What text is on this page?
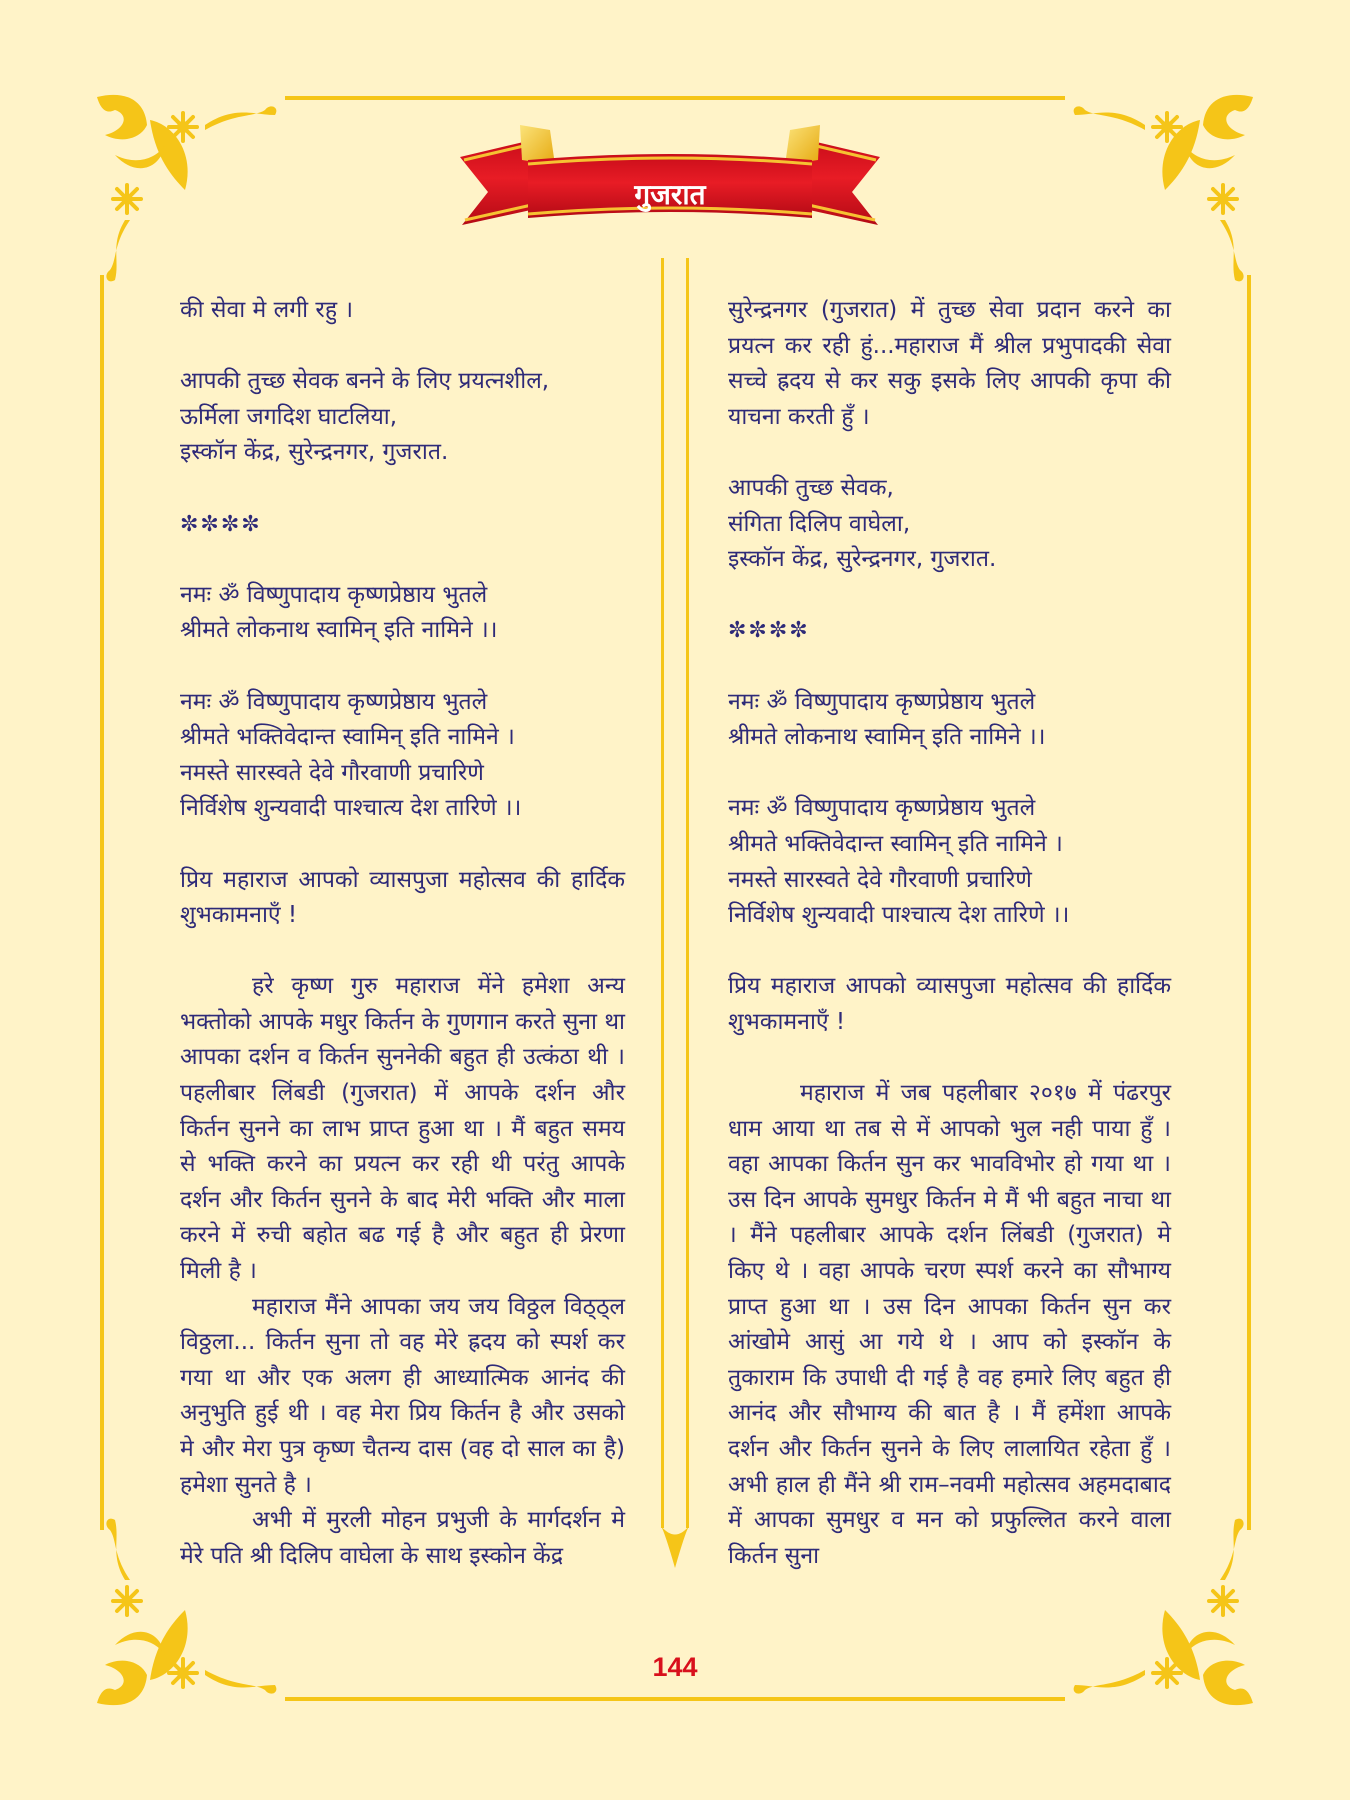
गुजरात

की सेवा मे लगी रहु ।

आपकी तुच्छ सेवक बनने के लिए प्रयत्नशील,
ऊर्मिला जगदिश घाटलिया,
इस्कॉन केंद्र, सुरेन्द्रनगर, गुजरात.
✼✼✼✼
नमः ॐ विष्णुपादाय कृष्णप्रेष्ठाय भुतले
श्रीमते लोकनाथ स्वामिन् इति नामिने ।।
नमः ॐ विष्णुपादाय कृष्णप्रेष्ठाय भुतले
श्रीमते भक्तिवेदान्त स्वामिन् इति नामिने ।
नमस्ते सारस्वते देवे गौरवाणी प्रचारिणे
निर्विशेष शुन्यवादी पाश्चात्य देश तारिणे ।।

प्रिय महाराज आपको व्यासपुजा महोत्सव की हार्दिक शुभकामनाएँ !

हरे कृष्ण गुरु महाराज मेंने हमेशा अन्य भक्तोको आपके मधुर किर्तन के गुणगान करते सुना था आपका दर्शन व किर्तन सुननेकी बहुत ही उत्कंठा थी । पहलीबार लिंबडी (गुजरात) में आपके दर्शन और किर्तन सुनने का लाभ प्राप्त हुआ था । मैं बहुत समय से भक्ति करने का प्रयत्न कर रही थी परंतु आपके दर्शन और किर्तन सुनने के बाद मेरी भक्ति और माला करने में रुची बहोत बढ गई है और बहुत ही प्रेरणा मिली है ।

महाराज मैंने आपका जय जय विठ्ठल विठ्ठ्ल विठ्ठला... किर्तन सुना तो वह मेरे ह्रदय को स्पर्श कर गया था और एक अलग ही आध्यात्मिक आनंद की अनुभुति हुई थी । वह मेरा प्रिय किर्तन है और उसको मे और मेरा पुत्र कृष्ण चैतन्य दास (वह दो साल का है) हमेशा सुनते है ।

अभी में मुरली मोहन प्रभुजी के मार्गदर्शन मे मेरे पति श्री दिलिप वाघेला के साथ इस्कोन केंद्र

सुरेन्द्रनगर (गुजरात) में तुच्छ सेवा प्रदान करने का प्रयत्न कर रही हुं...महाराज मैं श्रील प्रभुपादकी सेवा सच्चे ह्रदय से कर सकु इसके लिए आपकी कृपा की याचना करती हुँ ।

आपकी तुच्छ सेवक,
संगिता दिलिप वाघेला,
इस्कॉन केंद्र, सुरेन्द्रनगर, गुजरात.
✼✼✼✼
नमः ॐ विष्णुपादाय कृष्णप्रेष्ठाय भुतले
श्रीमते लोकनाथ स्वामिन् इति नामिने ।।
नमः ॐ विष्णुपादाय कृष्णप्रेष्ठाय भुतले
श्रीमते भक्तिवेदान्त स्वामिन् इति नामिने ।
नमस्ते सारस्वते देवे गौरवाणी प्रचारिणे
निर्विशेष शुन्यवादी पाश्चात्य देश तारिणे ।।

प्रिय महाराज आपको व्यासपुजा महोत्सव की हार्दिक शुभकामनाएँ !

महाराज में जब पहलीबार २०१७ में पंढरपुर धाम आया था तब से में आपको भुल नही पाया हुँ । वहा आपका किर्तन सुन कर भावविभोर हो गया था । उस दिन आपके सुमधुर किर्तन मे मैं भी बहुत नाचा था । मैंने पहलीबार आपके दर्शन लिंबडी (गुजरात) मे किए थे । वहा आपके चरण स्पर्श करने का सौभाग्य प्राप्त हुआ था । उस दिन आपका किर्तन सुन कर आंखोमे आसुं आ गये थे । आप को इस्कॉन के तुकाराम कि उपाधी दी गई है वह हमारे लिए बहुत ही आनंद और सौभाग्य की बात है । मैं हमेंशा आपके दर्शन और किर्तन सुनने के लिए लालायित रहेता हुँ । अभी हाल ही मैंने श्री राम–नवमी महोत्सव अहमदाबाद में आपका सुमधुर व मन को प्रफुल्लित करने वाला किर्तन सुना

144
